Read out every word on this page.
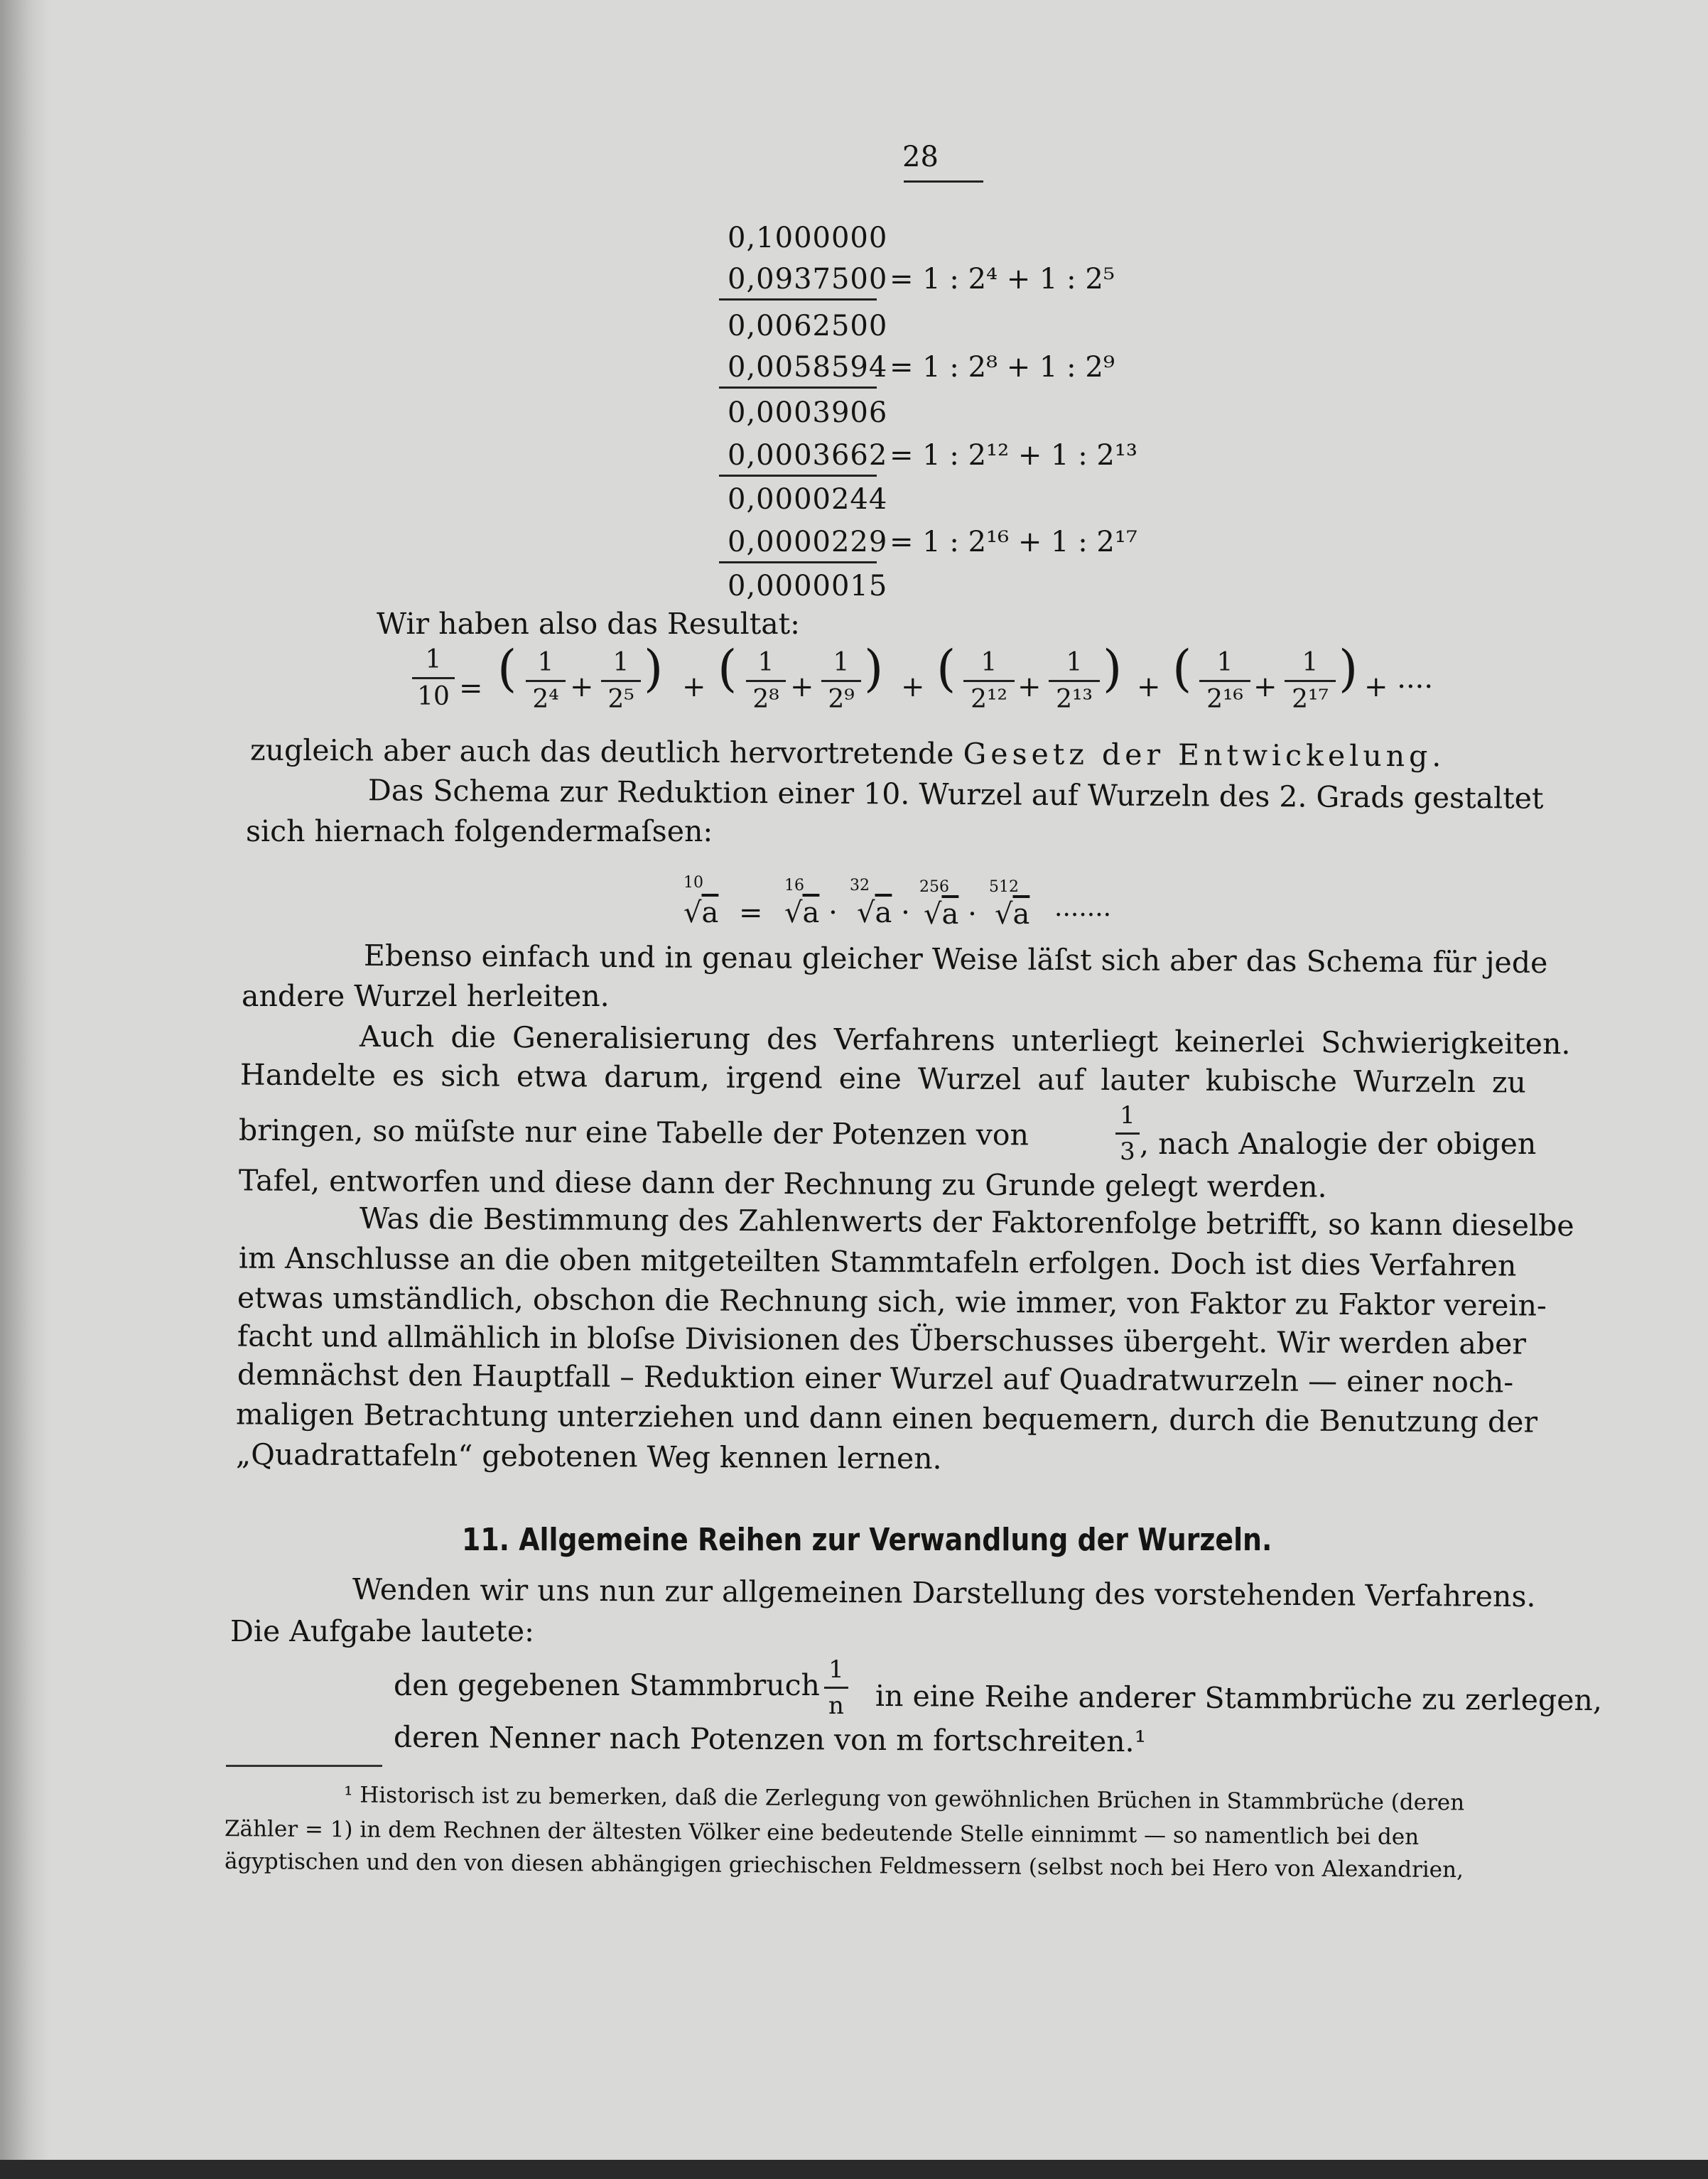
28
0,1000000
0,0937500 = 1 : 2⁴ + 1 : 2⁵
0,0062500
0,0058594 = 1 : 2⁸ + 1 : 2⁹
0,0003906
0,0003662 = 1 : 2¹² + 1 : 2¹³
0,0000244
0,0000229 = 1 : 2¹⁶ + 1 : 2¹⁷
0,0000015
Wir haben also das Resultat:
1
10 = ( 1
2⁴ +
1
2⁵
) + ( 1
2⁸ +
1
2⁹
) + ( 1
2¹² +
1
2¹³
) + ( 1
2¹⁶ +
1
2¹⁷
) + ····
zugleich aber auch das deutlich hervortretende Gesetz der Entwickelung.
Das Schema zur Reduktion einer 10. Wurzel auf Wurzeln des 2. Grads gestaltet
sich hiernach folgendermaſsen:
10
√a =
16
√a ·
32
√a ·
256
√a ·
512
√a ·······
Ebenso einfach und in genau gleicher Weise läſst sich aber das Schema für jede
andere Wurzel herleiten.
Auch die Generalisierung des Verfahrens unterliegt keinerlei Schwierigkeiten.
Handelte es sich etwa darum, irgend eine Wurzel auf lauter kubische Wurzeln zu
bringen, so müſste nur eine Tabelle der Potenzen von	1
3 , nach Analogie der obigen
Tafel, entworfen und diese dann der Rechnung zu Grunde gelegt werden.
Was die Bestimmung des Zahlenwerts der Faktorenfolge betrifft, so kann dieselbe
im Anschlusse an die oben mitgeteilten Stammtafeln erfolgen. Doch ist dies Verfahren
etwas umständlich, obschon die Rechnung sich, wie immer, von Faktor zu Faktor verein-
facht und allmählich in bloſse Divisionen des Überschusses übergeht. Wir werden aber
demnächst den Hauptfall – Reduktion einer Wurzel auf Quadratwurzeln — einer noch-
maligen Betrachtung unterziehen und dann einen bequemern, durch die Benutzung der
„Quadrattafeln“ gebotenen Weg kennen lernen.
11. Allgemeine Reihen zur Verwandlung der Wurzeln.
Wenden wir uns nun zur allgemeinen Darstellung des vorstehenden Verfahrens.
Die Aufgabe lautete:
den gegebenen Stammbruch 1
n in eine Reihe anderer Stammbrüche zu zerlegen,
deren Nenner nach Potenzen von m fortschreiten.¹
¹ Historisch ist zu bemerken, daß die Zerlegung von gewöhnlichen Brüchen in Stammbrüche (deren
Zähler = 1) in dem Rechnen der ältesten Völker eine bedeutende Stelle einnimmt — so namentlich bei den
ägyptischen und den von diesen abhängigen griechischen Feldmessern (selbst noch bei Hero von Alexandrien,
